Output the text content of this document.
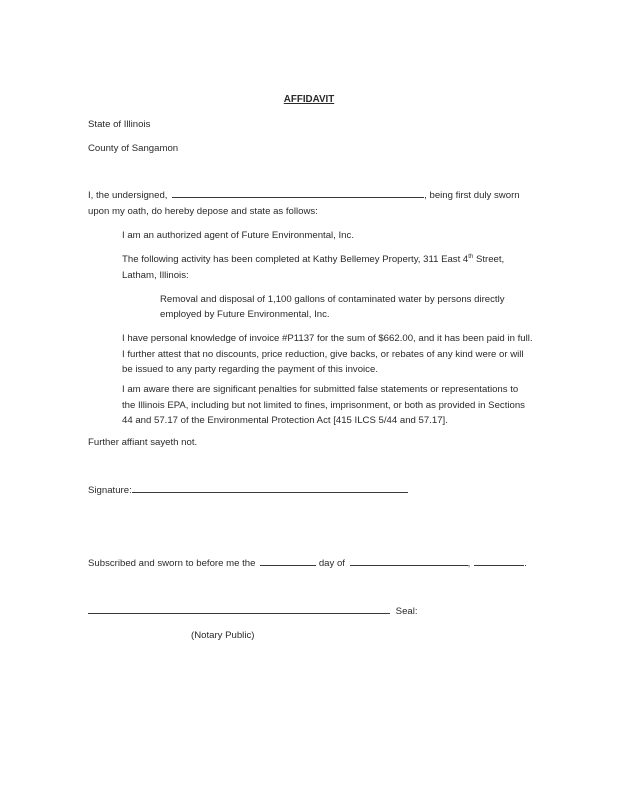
AFFIDAVIT
State of Illinois
County of Sangamon
I, the undersigned,	, being first duly sworn
upon my oath, do hereby depose and state as follows:
I am an authorized agent of Future Environmental, Inc.
The following activity has been completed at Kathy Bellemey Property, 311 East 4th Street,
Latham, Illinois:
Removal and disposal of 1,100 gallons of contaminated water by persons directly
employed by Future Environmental, Inc.
I have personal knowledge of invoice #P1137 for the sum of $662.00, and it has been paid in full.
I further attest that no discounts, price reduction, give backs, or rebates of any kind were or will
be issued to any party regarding the payment of this invoice.
I am aware there are significant penalties for submitted false statements or representations to
the Illinois EPA, including but not limited to fines, imprisonment, or both as provided in Sections
44 and 57.17 of the Environmental Protection Act [415 ILCS 5/44 and 57.17].
Further affiant sayeth not.
Signature:
Subscribed and sworn to before me the	day of	,	.
Seal:
(Notary Public)
